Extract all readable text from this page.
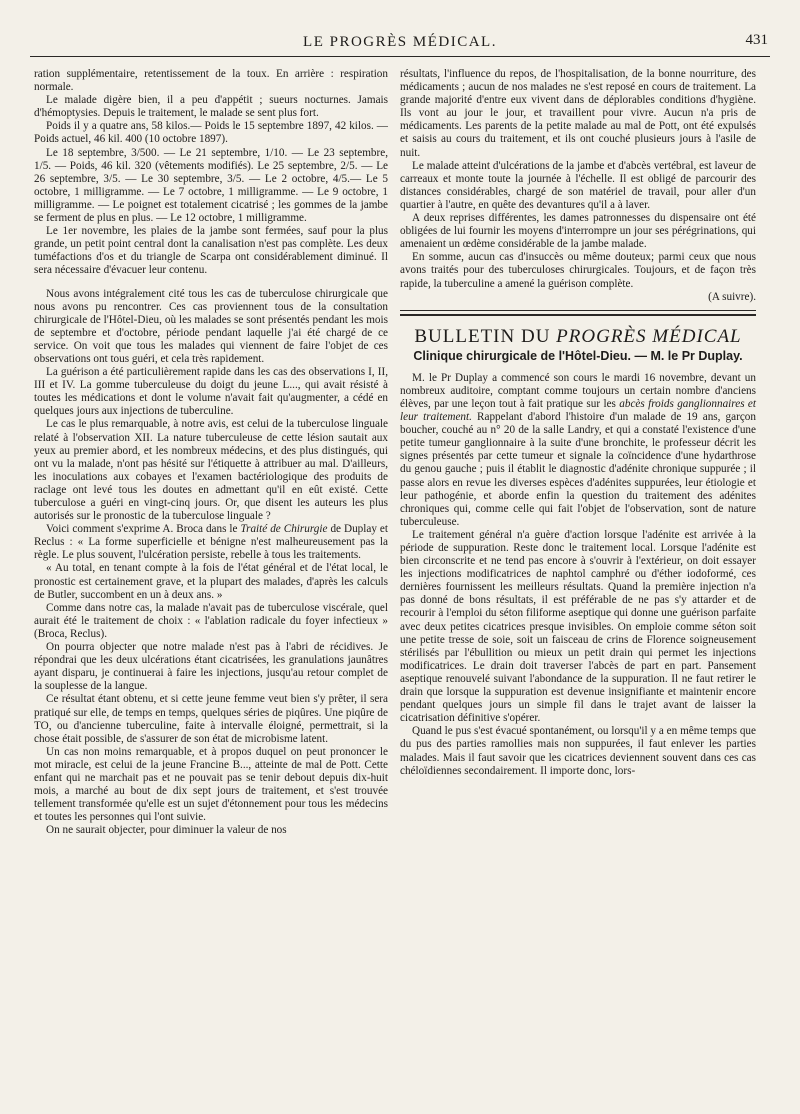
LE PROGRÈS MÉDICAL.	431

ration supplémentaire, retentissement de la toux. En arrière : respiration normale.

Le malade digère bien, il a peu d'appétit ; sueurs nocturnes. Jamais d'hémoptysies. Depuis le traitement, le malade se sent plus fort.

Poids il y a quatre ans, 58 kilos.— Poids le 15 septembre 1897, 42 kilos. — Poids actuel, 46 kil. 400 (10 octobre 1897).

Le 18 septembre, 3/500. — Le 21 septembre, 1/10. — Le 23 septembre, 1/5. — Poids, 46 kil. 320 (vêtements modifiés). Le 25 septembre, 2/5. — Le 26 septembre, 3/5. — Le 30 septembre, 3/5. — Le 2 octobre, 4/5.— Le 5 octobre, 1 milligramme. — Le 7 octobre, 1 milligramme. — Le 9 octobre, 1 milligramme. — Le poignet est totalement cicatrisé ; les gommes de la jambe se ferment de plus en plus. — Le 12 octobre, 1 milligramme.

Le 1er novembre, les plaies de la jambe sont fermées, sauf pour la plus grande, un petit point central dont la canalisation n'est pas complète. Les deux tuméfactions d'os et du triangle de Scarpa ont considérablement diminué. Il sera nécessaire d'évacuer leur contenu.

Nous avons intégralement cité tous les cas de tuberculose chirurgicale que nous avons pu rencontrer. Ces cas proviennent tous de la consultation chirurgicale de l'Hôtel-Dieu, où les malades se sont présentés pendant les mois de septembre et d'octobre, période pendant laquelle j'ai été chargé de ce service. On voit que tous les malades qui viennent de faire l'objet de ces observations ont tous guéri, et cela très rapidement.

La guérison a été particulièrement rapide dans les cas des observations I, II, III et IV. La gomme tuberculeuse du doigt du jeune L..., qui avait résisté à toutes les médications et dont le volume n'avait fait qu'augmenter, a cédé en quelques jours aux injections de tuberculine.

Le cas le plus remarquable, à notre avis, est celui de la tuberculose linguale relaté à l'observation XII. La nature tuberculeuse de cette lésion sautait aux yeux au premier abord, et les nombreux médecins, et des plus distingués, qui ont vu la malade, n'ont pas hésité sur l'étiquette à attribuer au mal. D'ailleurs, les inoculations aux cobayes et l'examen bactériologique des produits de raclage ont levé tous les doutes en admettant qu'il en eût existé. Cette tuberculose a guéri en vingt-cinq jours. Or, que disent les auteurs les plus autorisés sur le pronostic de la tuberculose linguale ?

Voici comment s'exprime A. Broca dans le Traité de Chirurgie de Duplay et Reclus : « La forme superficielle et bénigne n'est malheureusement pas la règle. Le plus souvent, l'ulcération persiste, rebelle à tous les traitements.

« Au total, en tenant compte à la fois de l'état général et de l'état local, le pronostic est certainement grave, et la plupart des malades, d'après les calculs de Butler, succombent en un à deux ans. »

Comme dans notre cas, la malade n'avait pas de tuberculose viscérale, quel aurait été le traitement de choix : « l'ablation radicale du foyer infectieux » (Broca, Reclus).

On pourra objecter que notre malade n'est pas à l'abri de récidives. Je répondrai que les deux ulcérations étant cicatrisées, les granulations jaunâtres ayant disparu, je continuerai à faire les injections, jusqu'au retour complet de la souplesse de la langue.

Ce résultat étant obtenu, et si cette jeune femme veut bien s'y prêter, il sera pratiqué sur elle, de temps en temps, quelques séries de piqûres. Une piqûre de TO, ou d'ancienne tuberculine, faite à intervalle éloigné, permettrait, si la chose était possible, de s'assurer de son état de microbisme latent.

Un cas non moins remarquable, et à propos duquel on peut prononcer le mot miracle, est celui de la jeune Francine B..., atteinte de mal de Pott. Cette enfant qui ne marchait pas et ne pouvait pas se tenir debout depuis dix-huit mois, a marché au bout de dix sept jours de traitement, et s'est trouvée tellement transformée qu'elle est un sujet d'étonnement pour tous les médecins et toutes les personnes qui l'ont suivie.

On ne saurait objecter, pour diminuer la valeur de nos

résultats, l'influence du repos, de l'hospitalisation, de la bonne nourriture, des médicaments ; aucun de nos malades ne s'est reposé en cours de traitement. La grande majorité d'entre eux vivent dans de déplorables conditions d'hygiène. Ils vont au jour le jour, et travaillent pour vivre. Aucun n'a pris de médicaments. Les parents de la petite malade au mal de Pott, ont été expulsés et saisis au cours du traitement, et ils ont couché plusieurs jours à l'asile de nuit.

Le malade atteint d'ulcérations de la jambe et d'abcès vertébral, est laveur de carreaux et monte toute la journée à l'échelle. Il est obligé de parcourir des distances considérables, chargé de son matériel de travail, pour aller d'un quartier à l'autre, en quête des devantures qu'il a à laver.

A deux reprises différentes, les dames patronnesses du dispensaire ont été obligées de lui fournir les moyens d'interrompre un jour ses pérégrinations, qui amenaient un œdème considérable de la jambe malade.

En somme, aucun cas d'insuccès ou même douteux; parmi ceux que nous avons traités pour des tuberculoses chirurgicales. Toujours, et de façon très rapide, la tuberculine a amené la guérison complète.

(A suivre).

BULLETIN DU PROGRÈS MÉDICAL
Clinique chirurgicale de l'Hôtel-Dieu. — M. le Pr Duplay.

M. le Pr Duplay a commencé son cours le mardi 16 novembre, devant un nombreux auditoire, comptant comme toujours un certain nombre d'anciens élèves, par une leçon tout à fait pratique sur les abcès froids ganglionnaires et leur traitement. Rappelant d'abord l'histoire d'un malade de 19 ans, garçon boucher, couché au n° 20 de la salle Landry, et qui a constaté l'existence d'une petite tumeur ganglionnaire à la suite d'une bronchite, le professeur décrit les signes présentés par cette tumeur et signale la coïncidence d'une hydarthrose du genou gauche ; puis il établit le diagnostic d'adénite chronique suppurée ; il passe alors en revue les diverses espèces d'adénites suppurées, leur étiologie et leur pathogénie, et aborde enfin la question du traitement des adénites chroniques qui, comme celle qui fait l'objet de l'observation, sont de nature tuberculeuse.

Le traitement général n'a guère d'action lorsque l'adénite est arrivée à la période de suppuration. Reste donc le traitement local. Lorsque l'adénite est bien circonscrite et ne tend pas encore à s'ouvrir à l'extérieur, on doit essayer les injections modificatrices de naphtol camphré ou d'éther iodoformé, ces dernières fournissent les meilleurs résultats. Quand la première injection n'a pas donné de bons résultats, il est préférable de ne pas s'y attarder et de recourir à l'emploi du séton filiforme aseptique qui donne une guérison parfaite avec deux petites cicatrices presque invisibles. On emploie comme séton soit une petite tresse de soie, soit un faisceau de crins de Florence soigneusement stérilisés par l'ébullition ou mieux un petit drain qui permet les injections modificatrices. Le drain doit traverser l'abcès de part en part. Pansement aseptique renouvelé suivant l'abondance de la suppuration. Il ne faut retirer le drain que lorsque la suppuration est devenue insignifiante et maintenir encore pendant quelques jours un simple fil dans le trajet avant de laisser la cicatrisation définitive s'opérer.

Quand le pus s'est évacué spontanément, ou lorsqu'il y a en même temps que du pus des parties ramollies mais non suppurées, il faut enlever les parties malades. Mais il faut savoir que les cicatrices deviennent souvent dans ces cas chéloïdiennes secondairement. Il importe donc, lors-
